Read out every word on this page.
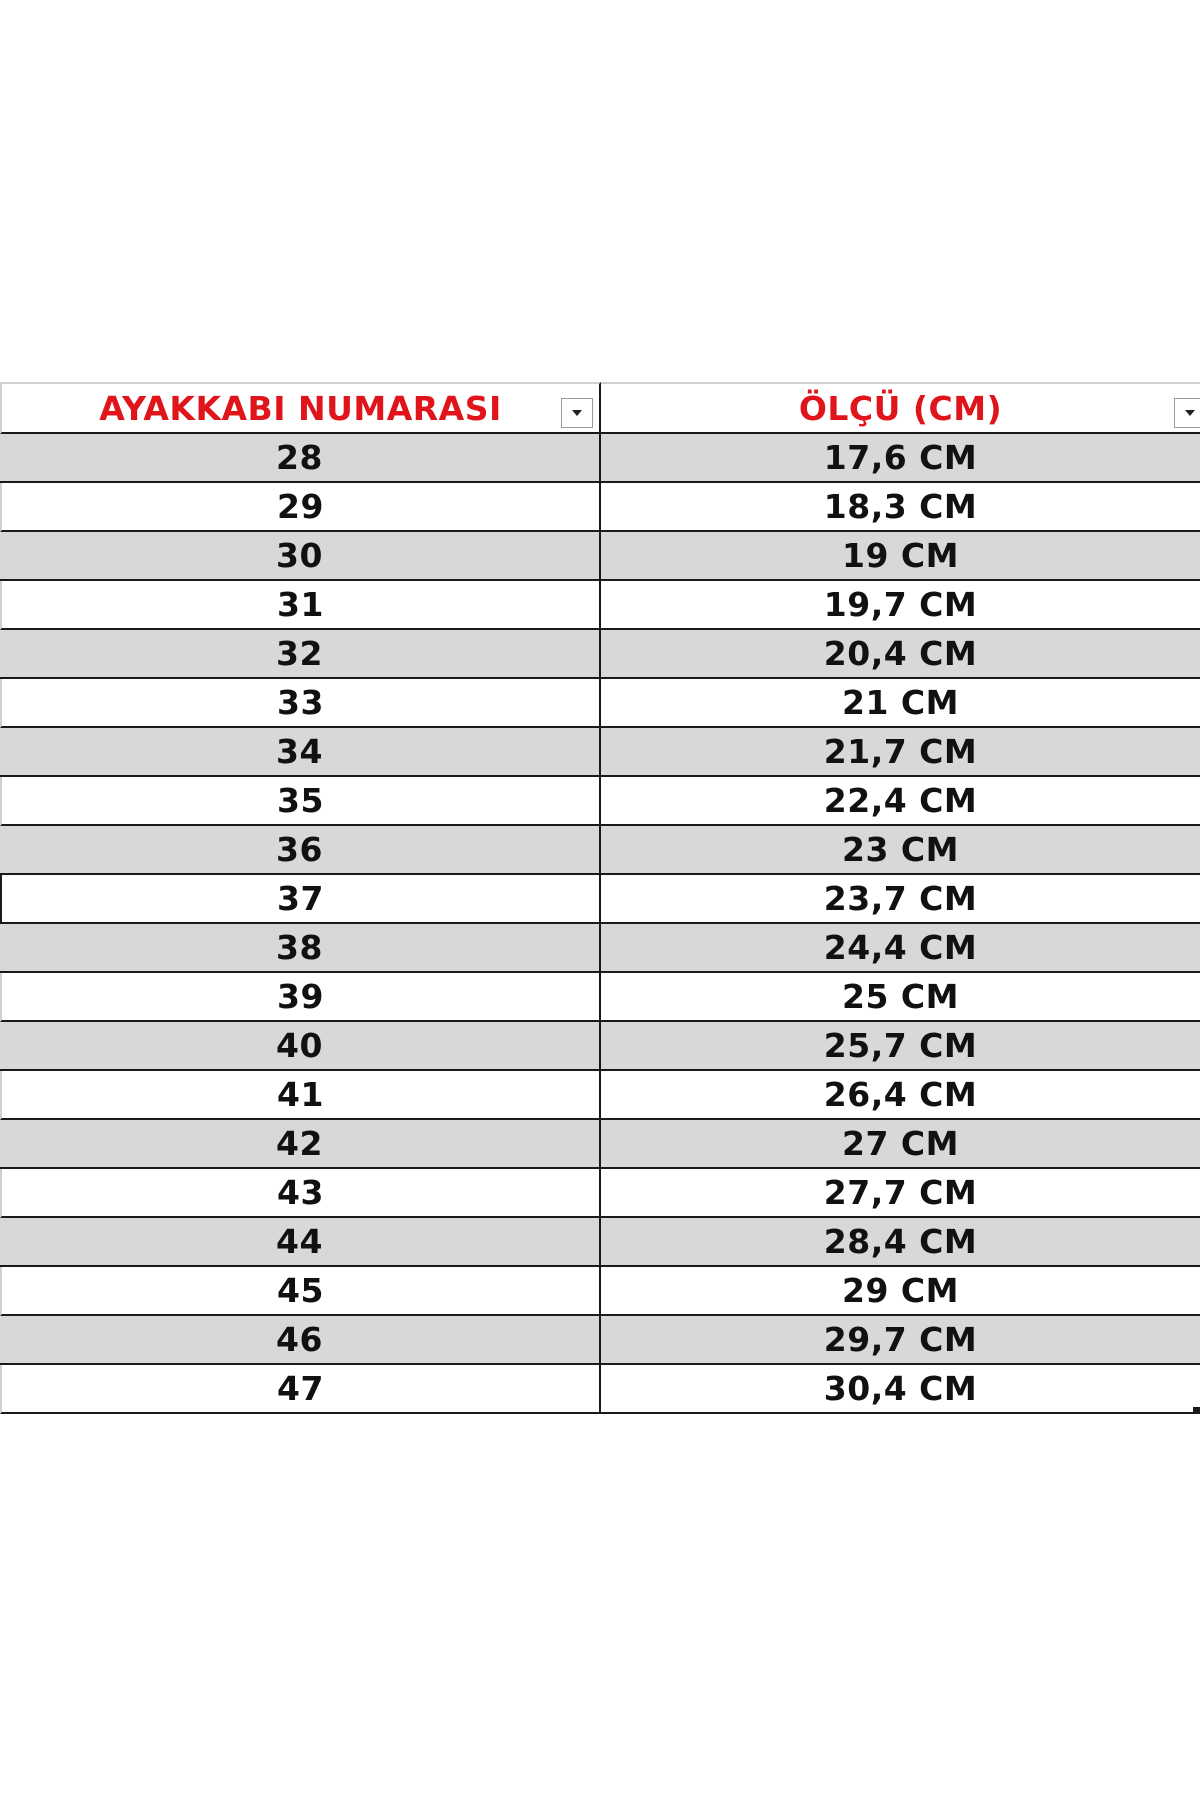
AYAKKABI NUMARASI	ÖLÇÜ (CM)
28	17,6 CM
29	18,3 CM
30	19 CM
31	19,7 CM
32	20,4 CM
33	21 CM
34	21,7 CM
35	22,4 CM
36	23 CM
37	23,7 CM
38	24,4 CM
39	25 CM
40	25,7 CM
41	26,4 CM
42	27 CM
43	27,7 CM
44	28,4 CM
45	29 CM
46	29,7 CM
47	30,4 CM
